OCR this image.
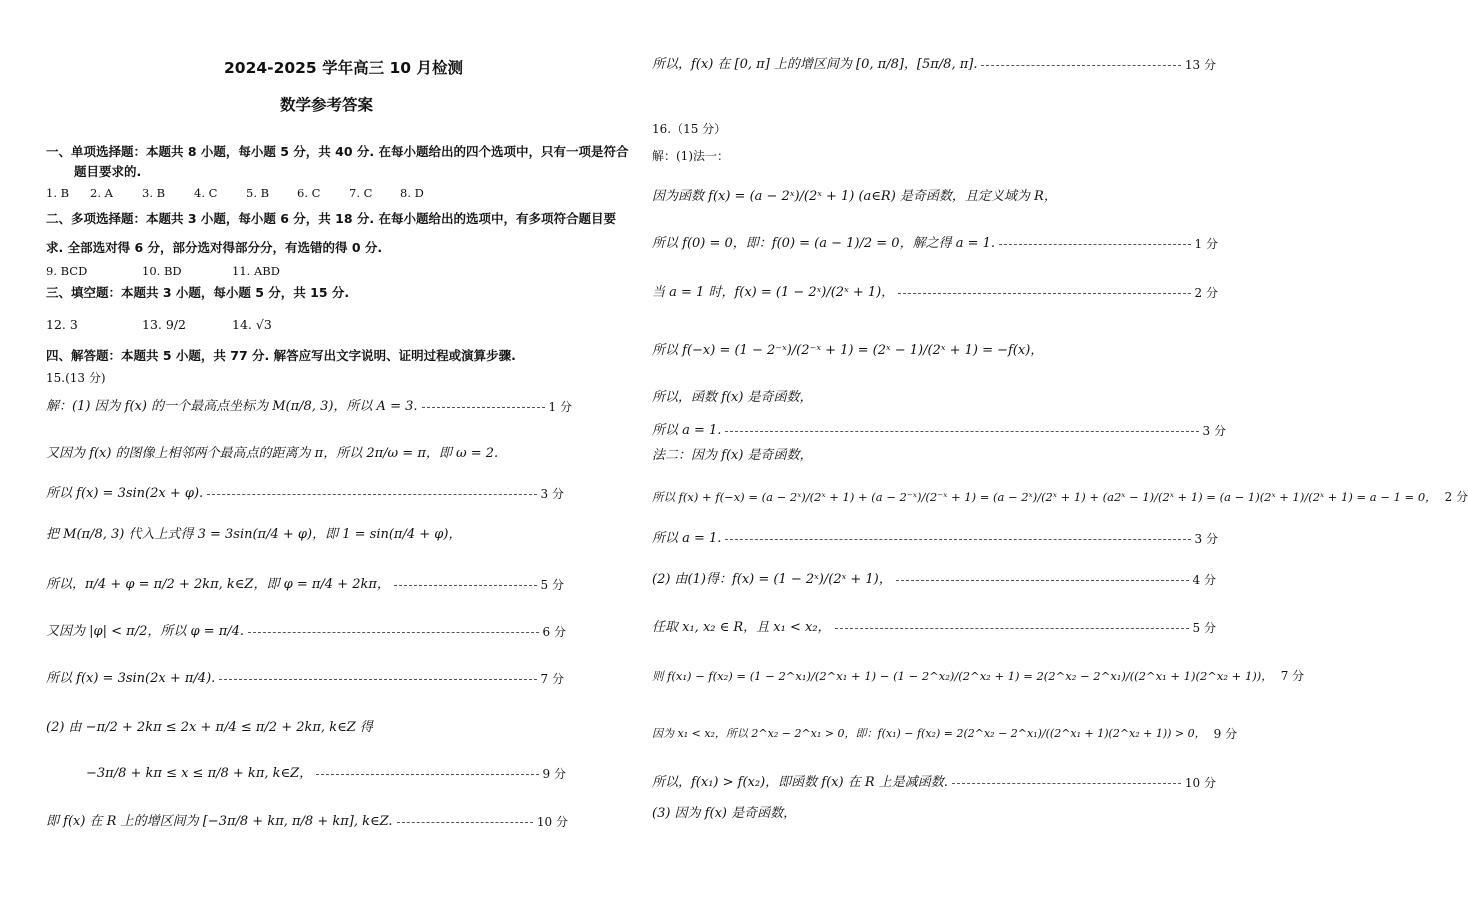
2024-2025 学年高三 10 月检测
数学参考答案
一、单项选择题：本题共 8 小题，每小题 5 分，共 40 分. 在每小题给出的四个选项中，只有一项是符合
题目要求的.
1. B 2. A	3. B	4. C 5. B 6. C 7. C 8. D
二、多项选择题：本题共 3 小题，每小题 6 分，共 18 分. 在每小题给出的选项中，有多项符合题目要
求. 全部选对得 6 分，部分选对得部分分，有选错的得 0 分.
9. BCD	10. BD	11. ABD
三、填空题：本题共 3 小题，每小题 5 分，共 15 分.
12. 3	13. 9/2	14. √3
四、解答题：本题共 5 小题，共 77 分. 解答应写出文字说明、证明过程或演算步骤.
15.(13 分)
解：(1) 因为 f(x) 的一个最高点坐标为 M(π/8, 3)，所以 A = 3.	1 分
又因为 f(x) 的图像上相邻两个最高点的距离为 π，所以 2π/ω = π，即 ω = 2.
所以 f(x) = 3sin(2x + φ).	3 分
把 M(π/8, 3) 代入上式得 3 = 3sin(π/4 + φ)，即 1 = sin(π/4 + φ)，
所以，π/4 + φ = π/2 + 2kπ, k∈Z，即 φ = π/4 + 2kπ，	5 分
又因为 |φ| < π/2，所以 φ = π/4.	6 分
所以 f(x) = 3sin(2x + π/4).	7 分
(2) 由 −π/2 + 2kπ ≤ 2x + π/4 ≤ π/2 + 2kπ, k∈Z 得
−3π/8 + kπ ≤ x ≤ π/8 + kπ, k∈Z，	9 分
即 f(x) 在 R 上的增区间为 [−3π/8 + kπ, π/8 + kπ], k∈Z.	10 分
所以，f(x) 在 [0, π] 上的增区间为 [0, π/8]，[5π/8, π].	13 分
16.（15 分）
解：(1)法一：
因为函数 f(x) = (a − 2ˣ)/(2ˣ + 1) (a∈R) 是奇函数，且定义域为 R，
所以 f(0) = 0，即：f(0) = (a − 1)/2 = 0，解之得 a = 1.	1 分
当 a = 1 时，f(x) = (1 − 2ˣ)/(2ˣ + 1)，	2 分
所以 f(−x) = (1 − 2⁻ˣ)/(2⁻ˣ + 1) = (2ˣ − 1)/(2ˣ + 1) = −f(x)，
所以，函数 f(x) 是奇函数，
所以 a = 1.	3 分
法二：因为 f(x) 是奇函数，
所以 f(x) + f(−x) = (a − 2ˣ)/(2ˣ + 1) + (a − 2⁻ˣ)/(2⁻ˣ + 1) = (a − 2ˣ)/(2ˣ + 1) + (a2ˣ − 1)/(2ˣ + 1) = (a − 1)(2ˣ + 1)/(2ˣ + 1) = a − 1 = 0， 2 分
所以 a = 1.	3 分
(2) 由(1)得：f(x) = (1 − 2ˣ)/(2ˣ + 1)，	4 分
任取 x₁, x₂ ∈ R，且 x₁ < x₂，	5 分
则 f(x₁) − f(x₂) = (1 − 2^x₁)/(2^x₁ + 1) − (1 − 2^x₂)/(2^x₂ + 1) = 2(2^x₂ − 2^x₁)/((2^x₁ + 1)(2^x₂ + 1))， 7 分
因为 x₁ < x₂，所以 2^x₂ − 2^x₁ > 0，即：f(x₁) − f(x₂) = 2(2^x₂ − 2^x₁)/((2^x₁ + 1)(2^x₂ + 1)) > 0， 9 分
所以，f(x₁) > f(x₂)，即函数 f(x) 在 R 上是减函数.	10 分
(3) 因为 f(x) 是奇函数，
